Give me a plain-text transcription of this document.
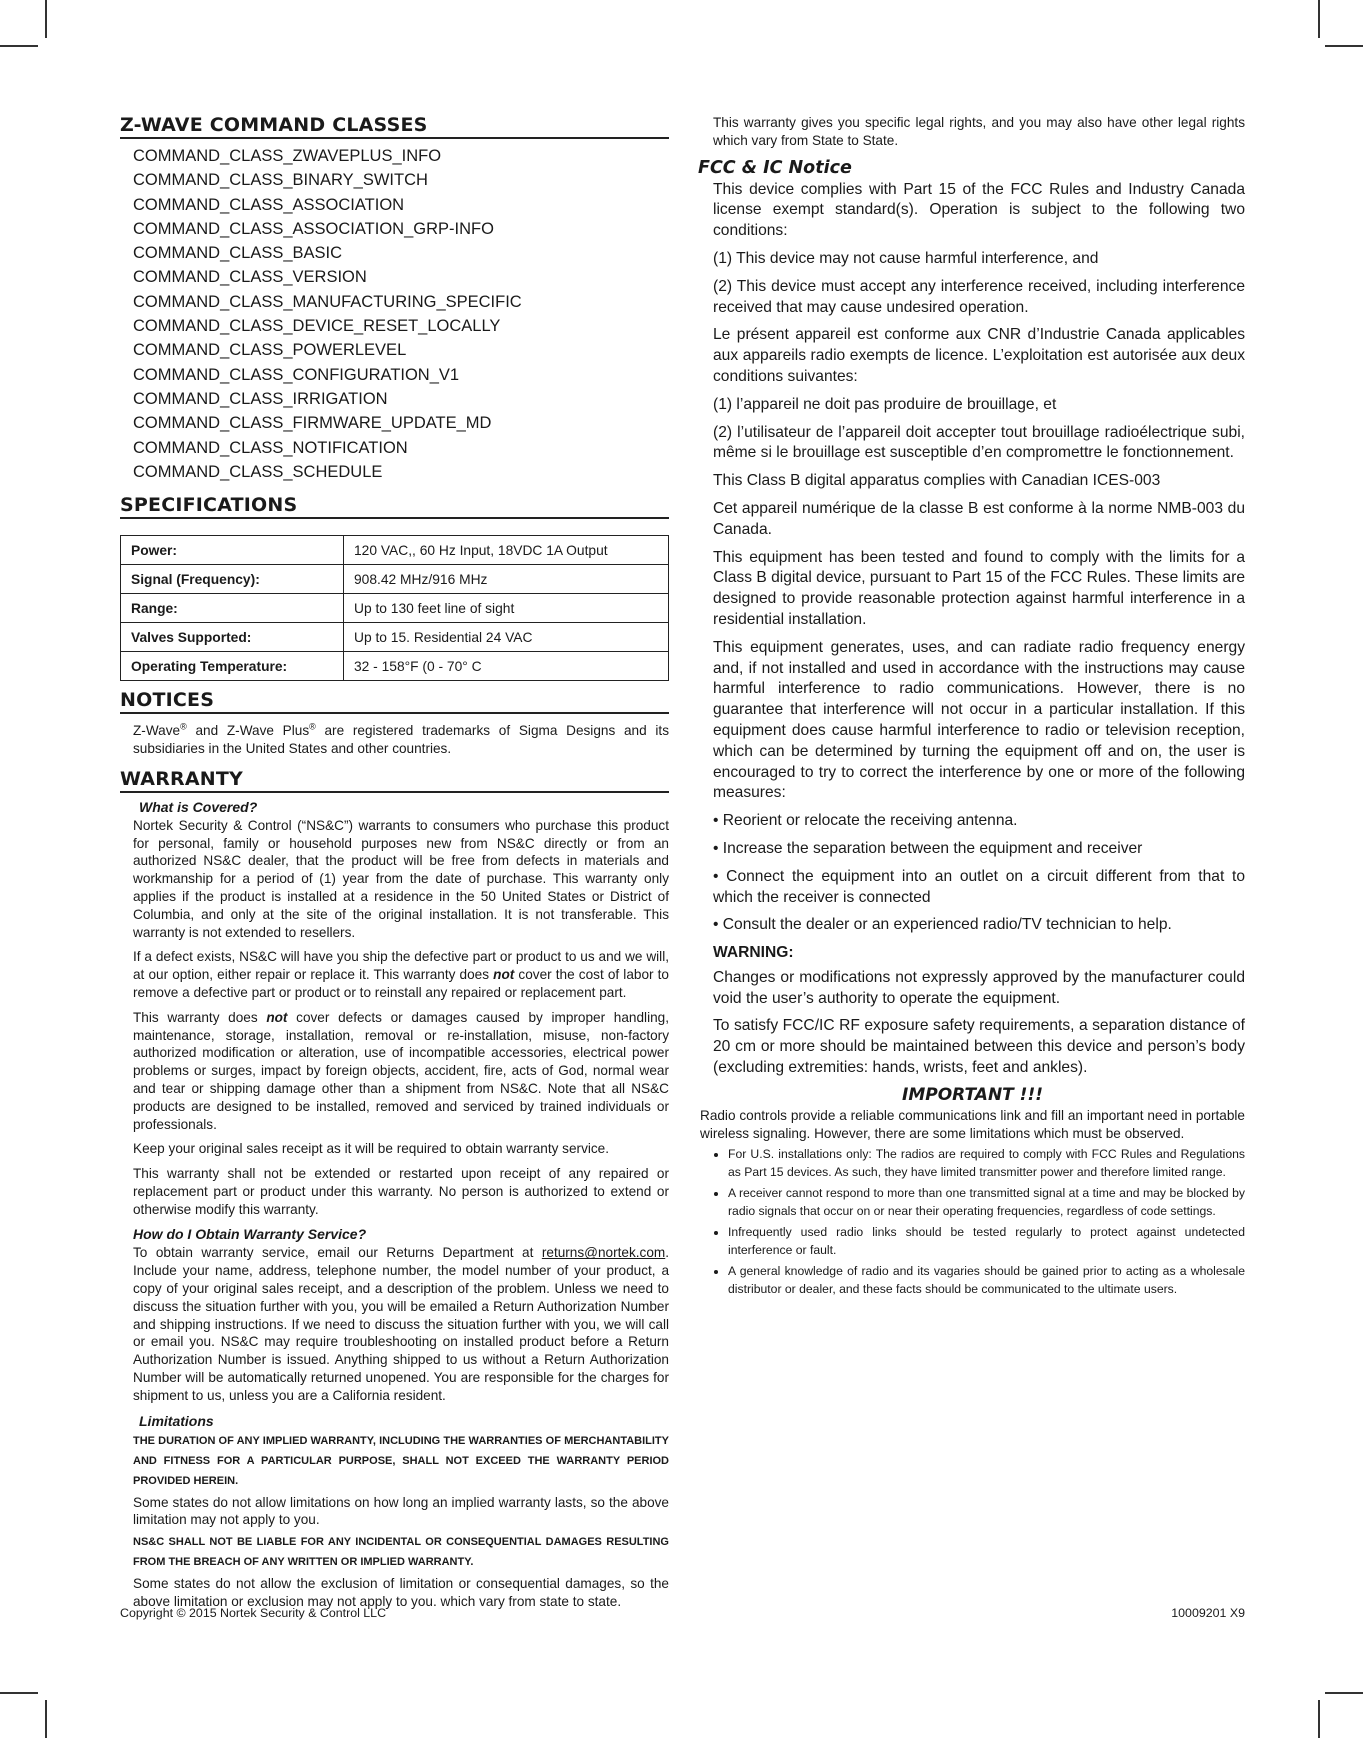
Z-WAVE COMMAND CLASSES
COMMAND_CLASS_ZWAVEPLUS_INFO
COMMAND_CLASS_BINARY_SWITCH
COMMAND_CLASS_ASSOCIATION
COMMAND_CLASS_ASSOCIATION_GRP-INFO
COMMAND_CLASS_BASIC
COMMAND_CLASS_VERSION
COMMAND_CLASS_MANUFACTURING_SPECIFIC
COMMAND_CLASS_DEVICE_RESET_LOCALLY
COMMAND_CLASS_POWERLEVEL
COMMAND_CLASS_CONFIGURATION_V1
COMMAND_CLASS_IRRIGATION
COMMAND_CLASS_FIRMWARE_UPDATE_MD
COMMAND_CLASS_NOTIFICATION
COMMAND_CLASS_SCHEDULE
SPECIFICATIONS
Power:	120 VAC,, 60 Hz Input, 18VDC 1A Output
Signal (Frequency):	908.42 MHz/916 MHz
Range:	Up to 130 feet line of sight
Valves Supported:	Up to 15. Residential 24 VAC
Operating Temperature:	32 - 158°F (0 - 70° C
NOTICES

Z-Wave® and Z-Wave Plus® are registered trademarks of Sigma Designs and its subsidiaries in the United States and other countries.

WARRANTY
What is Covered?

Nortek Security & Control (“NS&C”) warrants to consumers who purchase this product for personal, family or household purposes new from NS&C directly or from an authorized NS&C dealer, that the product will be free from defects in materials and workmanship for a period of (1) year from the date of purchase. This warranty only applies if the product is installed at a residence in the 50 United States or District of Columbia, and only at the site of the original installation. It is not transferable. This warranty is not extended to resellers.

If a defect exists, NS&C will have you ship the defective part or product to us and we will, at our option, either repair or replace it. This warranty does not cover the cost of labor to remove a defective part or product or to reinstall any repaired or replacement part.

This warranty does not cover defects or damages caused by improper handling, maintenance, storage, installation, removal or re-installation, misuse, non-factory authorized modification or alteration, use of incompatible accessories, electrical power problems or surges, impact by foreign objects, accident, fire, acts of God, normal wear and tear or shipping damage other than a shipment from NS&C. Note that all NS&C products are designed to be installed, removed and serviced by trained individuals or professionals.

Keep your original sales receipt as it will be required to obtain warranty service.

This warranty shall not be extended or restarted upon receipt of any repaired or replacement part or product under this warranty. No person is authorized to extend or otherwise modify this warranty.

How do I Obtain Warranty Service?

To obtain warranty service, email our Returns Department at returns@nortek.com. Include your name, address, telephone number, the model number of your product, a copy of your original sales receipt, and a description of the problem. Unless we need to discuss the situation further with you, you will be emailed a Return Authorization Number and shipping instructions. If we need to discuss the situation further with you, we will call or email you. NS&C may require troubleshooting on installed product before a Return Authorization Number is issued. Anything shipped to us without a Return Authorization Number will be automatically returned unopened. You are responsible for the charges for shipment to us, unless you are a California resident.

Limitations

THE DURATION OF ANY IMPLIED WARRANTY, INCLUDING THE WARRANTIES OF MERCHANTABILITY AND FITNESS FOR A PARTICULAR PURPOSE, SHALL NOT EXCEED THE WARRANTY PERIOD PROVIDED HEREIN.

Some states do not allow limitations on how long an implied warranty lasts, so the above limitation may not apply to you.

NS&C SHALL NOT BE LIABLE FOR ANY INCIDENTAL OR CONSEQUENTIAL DAMAGES RESULTING FROM THE BREACH OF ANY WRITTEN OR IMPLIED WARRANTY.

Some states do not allow the exclusion of limitation or consequential damages, so the above limitation or exclusion may not apply to you. which vary from state to state.

This warranty gives you specific legal rights, and you may also have other legal rights which vary from State to State.

FCC & IC Notice

This device complies with Part 15 of the FCC Rules and Industry Canada license exempt standard(s). Operation is subject to the following two conditions:

(1) This device may not cause harmful interference, and

(2) This device must accept any interference received, including interference received that may cause undesired operation.

Le présent appareil est conforme aux CNR d’Industrie Canada applicables aux appareils radio exempts de licence. L’exploitation est autorisée aux deux conditions suivantes:

(1) l’appareil ne doit pas produire de brouillage, et

(2) l’utilisateur de l’appareil doit accepter tout brouillage radioélectrique subi, même si le brouillage est susceptible d’en compromettre le fonctionnement.

This Class B digital apparatus complies with Canadian ICES-003

Cet appareil numérique de la classe B est conforme à la norme NMB-003 du Canada.

This equipment has been tested and found to comply with the limits for a Class B digital device, pursuant to Part 15 of the FCC Rules. These limits are designed to provide reasonable protection against harmful interference in a residential installation.

This equipment generates, uses, and can radiate radio frequency energy and, if not installed and used in accordance with the instructions may cause harmful interference to radio communications. However, there is no guarantee that interference will not occur in a particular installation. If this equipment does cause harmful interference to radio or television reception, which can be determined by turning the equipment off and on, the user is encouraged to try to correct the interference by one or more of the following measures:

• Reorient or relocate the receiving antenna.

• Increase the separation between the equipment and receiver

• Connect the equipment into an outlet on a circuit different from that to which the receiver is connected

• Consult the dealer or an experienced radio/TV technician to help.

WARNING:

Changes or modifications not expressly approved by the manufacturer could void the user’s authority to operate the equipment.

To satisfy FCC/IC RF exposure safety requirements, a separation distance of 20 cm or more should be maintained between this device and person’s body (excluding extremities: hands, wrists, feet and ankles).

IMPORTANT !!!

Radio controls provide a reliable communications link and fill an important need in portable wireless signaling. However, there are some limitations which must be observed.

• For U.S. installations only: The radios are required to comply with FCC Rules and Regulations as Part 15 devices. As such, they have limited transmitter power and therefore limited range.
• A receiver cannot respond to more than one transmitted signal at a time and may be blocked by radio signals that occur on or near their operating frequencies, regardless of code settings.
• Infrequently used radio links should be tested regularly to protect against undetected interference or fault.
• A general knowledge of radio and its vagaries should be gained prior to acting as a wholesale distributor or dealer, and these facts should be communicated to the ultimate users.
Copyright © 2015 Nortek Security & Control LLC	10009201 X9
